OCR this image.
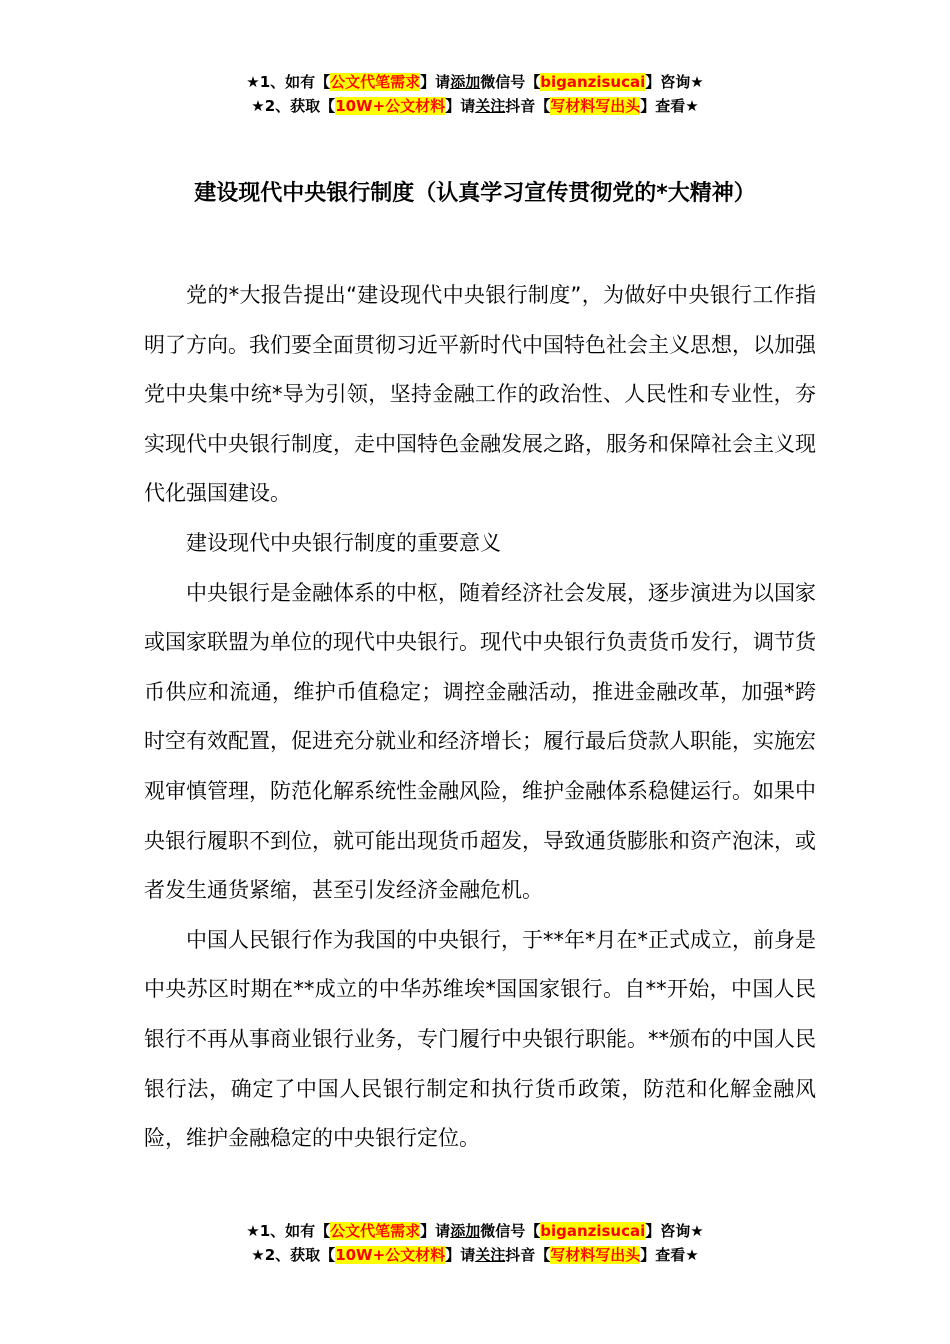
★1、如有【公文代笔需求】请添加微信号【biganzisucai】咨询★
★2、获取【10W+公文材料】请关注抖音【写材料写出头】查看★
建设现代中央银行制度（认真学习宣传贯彻党的*大精神）

党的*大报告提出“建设现代中央银行制度”，为做好中央银行工作指明了方向。我们要全面贯彻习近平新时代中国特色社会主义思想，以加强党中央集中统*导为引领，坚持金融工作的政治性、人民性和专业性，夯实现代中央银行制度，走中国特色金融发展之路，服务和保障社会主义现代化强国建设。

建设现代中央银行制度的重要意义

中央银行是金融体系的中枢，随着经济社会发展，逐步演进为以国家或国家联盟为单位的现代中央银行。现代中央银行负责货币发行，调节货币供应和流通，维护币值稳定；调控金融活动，推进金融改革，加强*跨时空有效配置，促进充分就业和经济增长；履行最后贷款人职能，实施宏观审慎管理，防范化解系统性金融风险，维护金融体系稳健运行。如果中央银行履职不到位，就可能出现货币超发，导致通货膨胀和资产泡沫，或者发生通货紧缩，甚至引发经济金融危机。

中国人民银行作为我国的中央银行，于**年*月在*正式成立，前身是中央苏区时期在**成立的中华苏维埃*国国家银行。自**开始，中国人民银行不再从事商业银行业务，专门履行中央银行职能。**颁布的中国人民银行法，确定了中国人民银行制定和执行货币政策，防范和化解金融风险，维护金融稳定的中央银行定位。

★1、如有【公文代笔需求】请添加微信号【biganzisucai】咨询★
★2、获取【10W+公文材料】请关注抖音【写材料写出头】查看★
